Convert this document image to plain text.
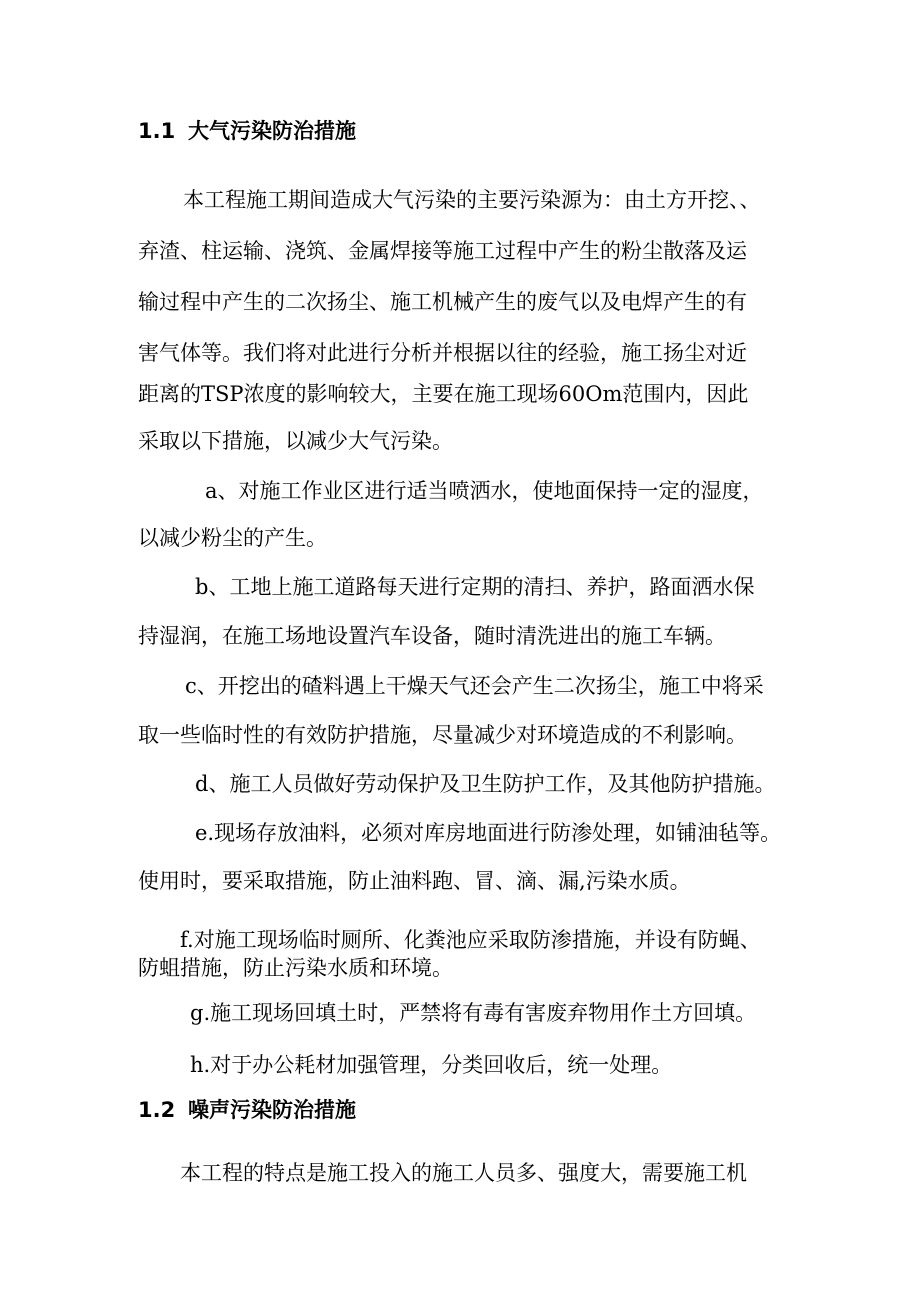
1.1 大气污染防治措施
本工程施工期间造成大气污染的主要污染源为：由土方开挖、、
弃渣、柱运输、浇筑、金属焊接等施工过程中产生的粉尘散落及运
输过程中产生的二次扬尘、施工机械产生的废气以及电焊产生的有
害气体等。我们将对此进行分析并根据以往的经验，施工扬尘对近
距离的TSP浓度的影响较大，主要在施工现场60Om范围内，因此
采取以下措施，以减少大气污染。
a、对施工作业区进行适当喷洒水，使地面保持一定的湿度，
以减少粉尘的产生。
b、工地上施工道路每天进行定期的清扫、养护，路面洒水保
持湿润，在施工场地设置汽车设备，随时清洗进出的施工车辆。
c、开挖出的碴料遇上干燥天气还会产生二次扬尘，施工中将采
取一些临时性的有效防护措施，尽量减少对环境造成的不利影响。
d、施工人员做好劳动保护及卫生防护工作，及其他防护措施。
e.现场存放油料，必须对库房地面进行防渗处理，如铺油毡等。
使用时，要采取措施，防止油料跑、冒、滴、漏,污染水质。
f.对施工现场临时厕所、化粪池应采取防渗措施，并设有防蝇、
防蛆措施，防止污染水质和环境。
g.施工现场回填土时，严禁将有毒有害废弃物用作土方回填。
h.对于办公耗材加强管理，分类回收后，统一处理。
1.2 噪声污染防治措施
本工程的特点是施工投入的施工人员多、强度大，需要施工机
